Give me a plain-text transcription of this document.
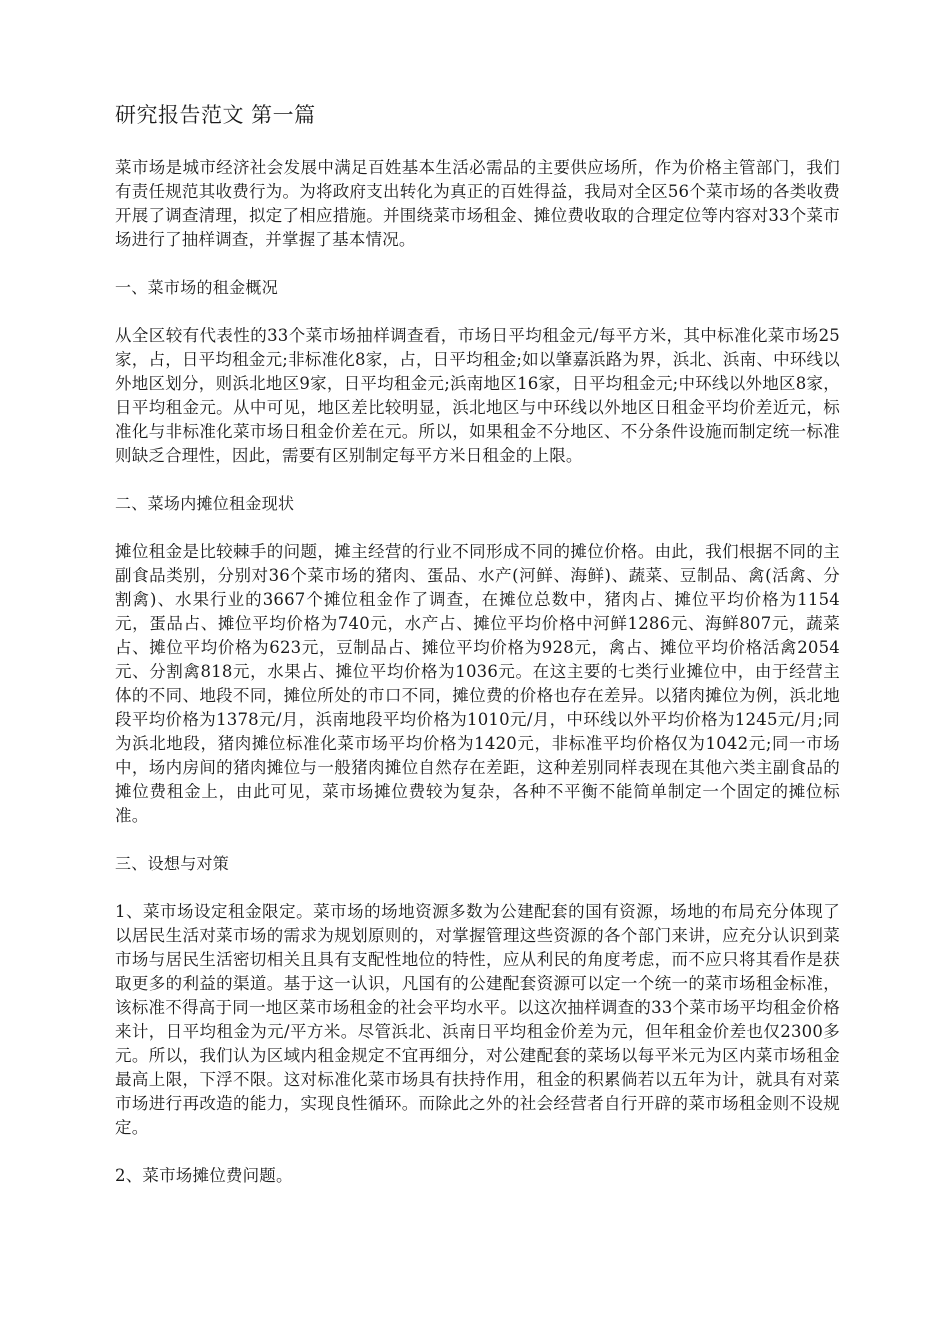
研究报告范文 第一篇

菜市场是城市经济社会发展中满足百姓基本生活必需品的主要供应场所，作为价格主管部门，我们有责任规范其收费行为。为将政府支出转化为真正的百姓得益，我局对全区56个菜市场的各类收费开展了调查清理，拟定了相应措施。并围绕菜市场租金、摊位费收取的合理定位等内容对33个菜市场进行了抽样调查，并掌握了基本情况。

一、菜市场的租金概况

从全区较有代表性的33个菜市场抽样调查看，市场日平均租金元/每平方米，其中标准化菜市场25家，占，日平均租金元;非标准化8家，占，日平均租金;如以肇嘉浜路为界，浜北、浜南、中环线以外地区划分，则浜北地区9家，日平均租金元;浜南地区16家，日平均租金元;中环线以外地区8家，日平均租金元。从中可见，地区差比较明显，浜北地区与中环线以外地区日租金平均价差近元，标准化与非标准化菜市场日租金价差在元。所以，如果租金不分地区、不分条件设施而制定统一标准则缺乏合理性，因此，需要有区别制定每平方米日租金的上限。

二、菜场内摊位租金现状

摊位租金是比较棘手的问题，摊主经营的行业不同形成不同的摊位价格。由此，我们根据不同的主副食品类别，分别对36个菜市场的猪肉、蛋品、水产(河鲜、海鲜)、蔬菜、豆制品、禽(活禽、分割禽)、水果行业的3667个摊位租金作了调查，在摊位总数中，猪肉占、摊位平均价格为1154元，蛋品占、摊位平均价格为740元，水产占、摊位平均价格中河鲜1286元、海鲜807元，蔬菜占、摊位平均价格为623元，豆制品占、摊位平均价格为928元，禽占、摊位平均价格活禽2054元、分割禽818元，水果占、摊位平均价格为1036元。在这主要的七类行业摊位中，由于经营主体的不同、地段不同，摊位所处的市口不同，摊位费的价格也存在差异。以猪肉摊位为例，浜北地段平均价格为1378元/月，浜南地段平均价格为1010元/月，中环线以外平均价格为1245元/月;同为浜北地段，猪肉摊位标准化菜市场平均价格为1420元，非标准平均价格仅为1042元;同一市场中，场内房间的猪肉摊位与一般猪肉摊位自然存在差距，这种差别同样表现在其他六类主副食品的摊位费租金上，由此可见，菜市场摊位费较为复杂，各种不平衡不能简单制定一个固定的摊位标准。

三、设想与对策

1、菜市场设定租金限定。菜市场的场地资源多数为公建配套的国有资源，场地的布局充分体现了以居民生活对菜市场的需求为规划原则的，对掌握管理这些资源的各个部门来讲，应充分认识到菜市场与居民生活密切相关且具有支配性地位的特性，应从利民的角度考虑，而不应只将其看作是获取更多的利益的渠道。基于这一认识，凡国有的公建配套资源可以定一个统一的菜市场租金标准，该标准不得高于同一地区菜市场租金的社会平均水平。以这次抽样调查的33个菜市场平均租金价格来计，日平均租金为元/平方米。尽管浜北、浜南日平均租金价差为元，但年租金价差也仅2300多元。所以，我们认为区域内租金规定不宜再细分，对公建配套的菜场以每平米元为区内菜市场租金最高上限，下浮不限。这对标准化菜市场具有扶持作用，租金的积累倘若以五年为计，就具有对菜市场进行再改造的能力，实现良性循环。而除此之外的社会经营者自行开辟的菜市场租金则不设规定。

2、菜市场摊位费问题。
